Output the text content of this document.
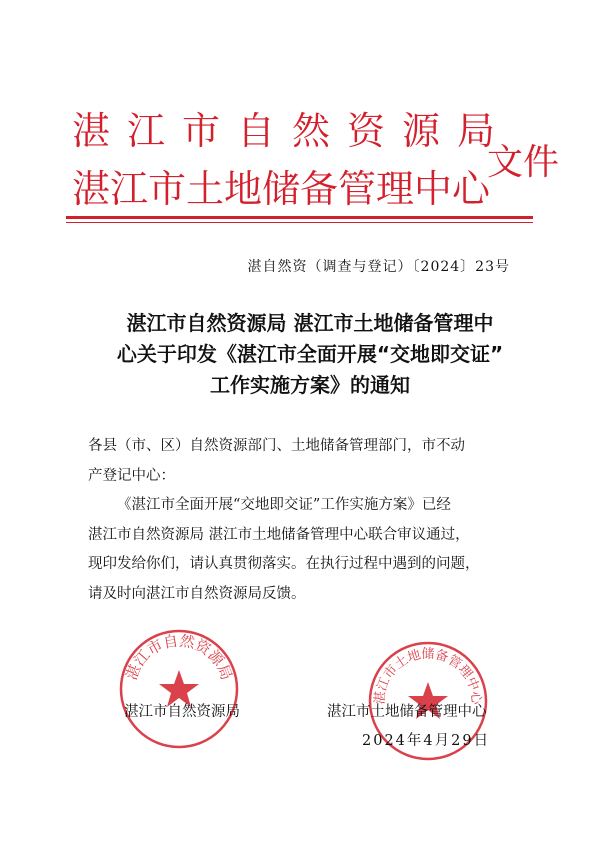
湛江市自然资源局
湛江市土地储备管理中心
文件
湛自然资（调查与登记）〔2024〕23号
湛江市自然资源局 湛江市土地储备管理中
心关于印发《湛江市全面开展“交地即交证”
工作实施方案》的通知
各县（市、区）自然资源部门、土地储备管理部门，市不动
产登记中心：
《湛江市全面开展“交地即交证”工作实施方案》已经
湛江市自然资源局 湛江市土地储备管理中心联合审议通过，
现印发给你们，请认真贯彻落实。在执行过程中遇到的问题，
请及时向湛江市自然资源局反馈。
湛江市自然资源局
湛江市土地储备管理中心
湛江市自然资源局	湛江市土地储备管理中心
2024年4月29日
